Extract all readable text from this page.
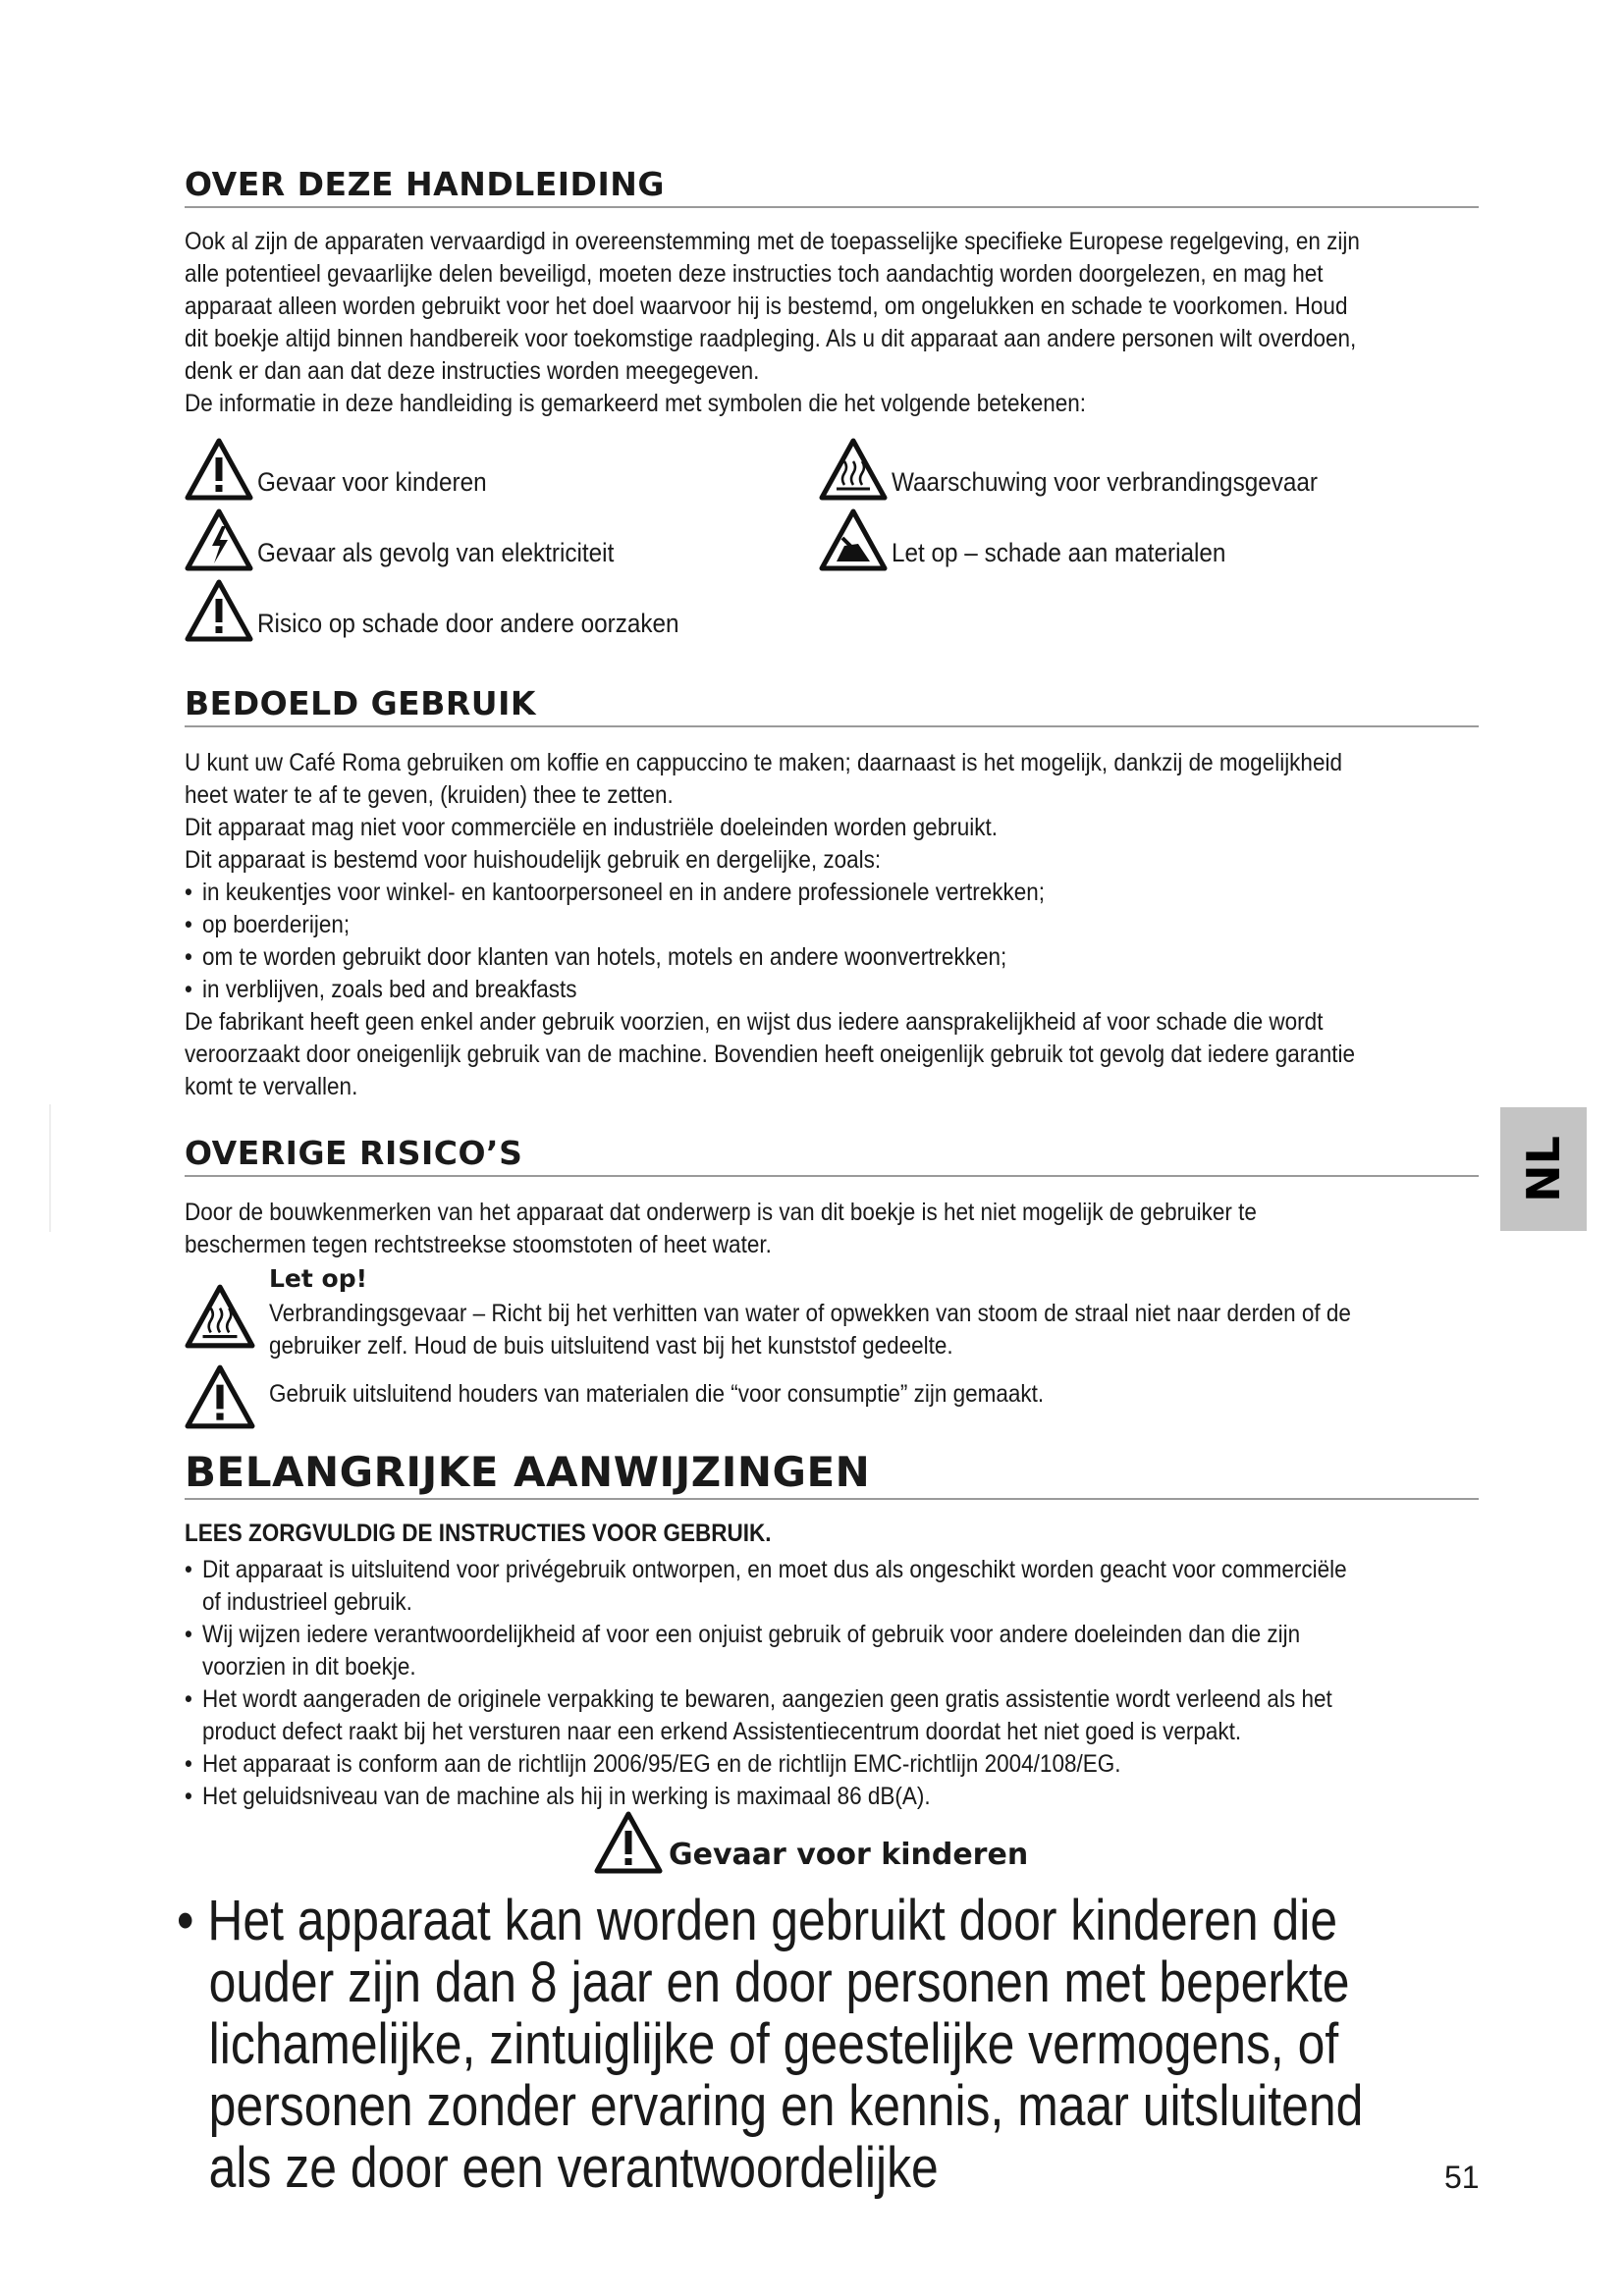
OVER DEZE HANDLEIDING

Ook al zijn de apparaten vervaardigd in overeenstemming met de toepasselijke specifieke Europese regelgeving, en zijn alle potentieel gevaarlijke delen beveiligd, moeten deze instructies toch aandachtig worden doorgelezen, en mag het apparaat alleen worden gebruikt voor het doel waarvoor hij is bestemd, om ongelukken en schade te voorkomen. Houd dit boekje altijd binnen handbereik voor toekomstige raadpleging. Als u dit apparaat aan andere personen wilt overdoen, denk er dan aan dat deze instructies worden meegegeven.

De informatie in deze handleiding is gemarkeerd met symbolen die het volgende betekenen:

Gevaar voor kinderen
Gevaar als gevolg van elektriciteit
Risico op schade door andere oorzaken
Waarschuwing voor verbrandingsgevaar
Let op – schade aan materialen
BEDOELD GEBRUIK

U kunt uw Café Roma gebruiken om koffie en cappuccino te maken; daarnaast is het mogelijk, dankzij de mogelijkheid heet water te af te geven, (kruiden) thee te zetten.

Dit apparaat mag niet voor commerciële en industriële doeleinden worden gebruikt.

Dit apparaat is bestemd voor huishoudelijk gebruik en dergelijke, zoals:

• in keukentjes voor winkel- en kantoorpersoneel en in andere professionele vertrekken;

• op boerderijen;

• om te worden gebruikt door klanten van hotels, motels en andere woonvertrekken;

• in verblijven, zoals bed and breakfasts

De fabrikant heeft geen enkel ander gebruik voorzien, en wijst dus iedere aansprakelijkheid af voor schade die wordt veroorzaakt door oneigenlijk gebruik van de machine. Bovendien heeft oneigenlijk gebruik tot gevolg dat iedere garantie komt te vervallen.

OVERIGE RISICO’S
Door de bouwkenmerken van het apparaat dat onderwerp is van dit boekje is het niet mogelijk de gebruiker te beschermen tegen rechtstreekse stoomstoten of heet water.
Let op!
Verbrandingsgevaar – Richt bij het verhitten van water of opwekken van stoom de straal niet naar derden of de gebruiker zelf. Houd de buis uitsluitend vast bij het kunststof gedeelte.
Gebruik uitsluitend houders van materialen die “voor consumptie” zijn gemaakt.
BELANGRIJKE AANWIJZINGEN
LEES ZORGVULDIG DE INSTRUCTIES VOOR GEBRUIK.

• Dit apparaat is uitsluitend voor privégebruik ontworpen, en moet dus als ongeschikt worden geacht voor commerciële of industrieel gebruik.

• Wij wijzen iedere verantwoordelijkheid af voor een onjuist gebruik of gebruik voor andere doeleinden dan die zijn voorzien in dit boekje.

• Het wordt aangeraden de originele verpakking te bewaren, aangezien geen gratis assistentie wordt verleend als het product defect raakt bij het versturen naar een erkend Assistentiecentrum doordat het niet goed is verpakt.

• Het apparaat is conform aan de richtlijn 2006/95/EG en de richtlijn EMC-richtlijn 2004/108/EG.

• Het geluidsniveau van de machine als hij in werking is maximaal 86 dB(A).

Gevaar voor kinderen

• Het apparaat kan worden gebruikt door kinderen die ouder zijn dan 8 jaar en door personen met beperkte lichamelijke, zintuiglijke of geestelijke vermogens, of personen zonder ervaring en kennis, maar uitsluitend als ze door een verantwoordelijke	51
NL
